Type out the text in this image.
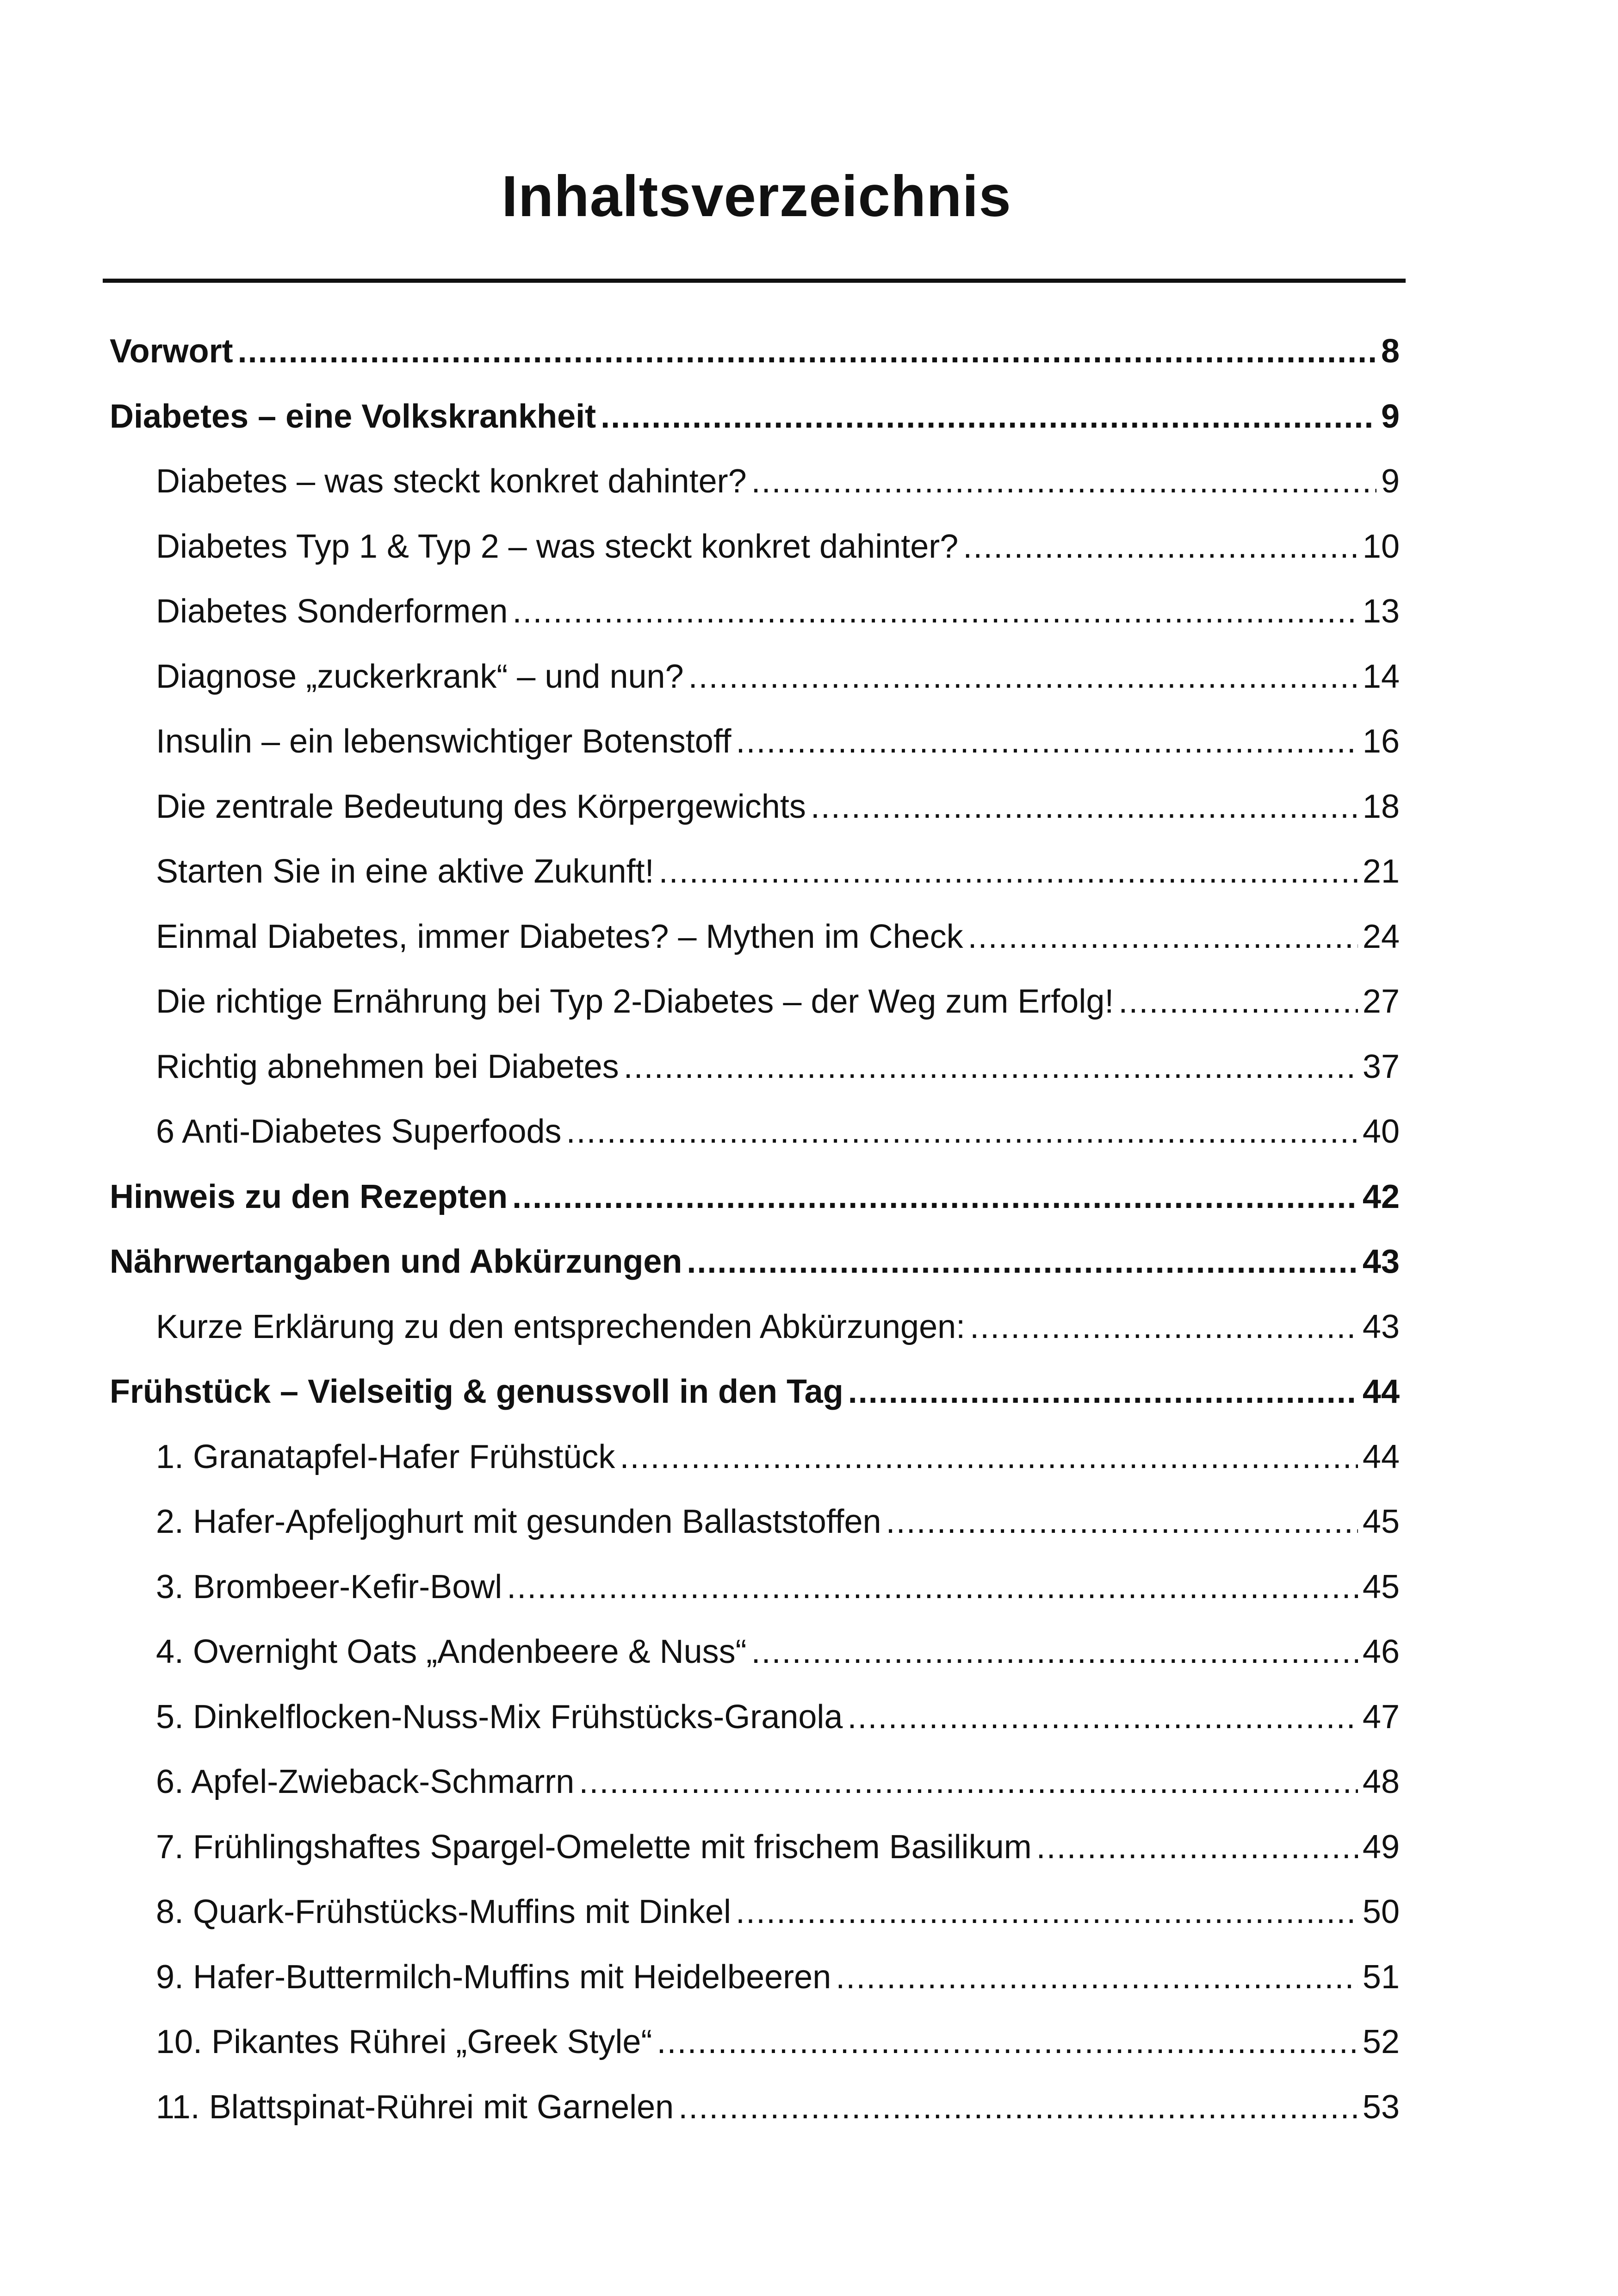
Inhaltsverzeichnis
Vorwort .....	8
Diabetes – eine Volkskrankheit .....	9
Diabetes – was steckt konkret dahinter? .....	9
Diabetes Typ 1 & Typ 2 – was steckt konkret dahinter? .....	10
Diabetes Sonderformen .....	13
Diagnose „zuckerkrank“ – und nun? .....	14
Insulin – ein lebenswichtiger Botenstoff .....	16
Die zentrale Bedeutung des Körpergewichts .....	18
Starten Sie in eine aktive Zukunft! .....	21
Einmal Diabetes, immer Diabetes? – Mythen im Check .....	24
Die richtige Ernährung bei Typ 2-Diabetes – der Weg zum Erfolg! .....	27
Richtig abnehmen bei Diabetes .....	37
6 Anti-Diabetes Superfoods .....	40
Hinweis zu den Rezepten .....	42
Nährwertangaben und Abkürzungen .....	43
Kurze Erklärung zu den entsprechenden Abkürzungen: .....	43
Frühstück – Vielseitig & genussvoll in den Tag .....	44
1. Granatapfel-Hafer Frühstück .....	44
2. Hafer-Apfeljoghurt mit gesunden Ballaststoffen .....	45
3. Brombeer-Kefir-Bowl .....	45
4. Overnight Oats „Andenbeere & Nuss“ .....	46
5. Dinkelflocken-Nuss-Mix Frühstücks-Granola .....	47
6. Apfel-Zwieback-Schmarrn .....	48
7. Frühlingshaftes Spargel-Omelette mit frischem Basilikum .....	49
8. Quark-Frühstücks-Muffins mit Dinkel .....	50
9. Hafer-Buttermilch-Muffins mit Heidelbeeren .....	51
10. Pikantes Rührei „Greek Style“ .....	52
11. Blattspinat-Rührei mit Garnelen .....	53
